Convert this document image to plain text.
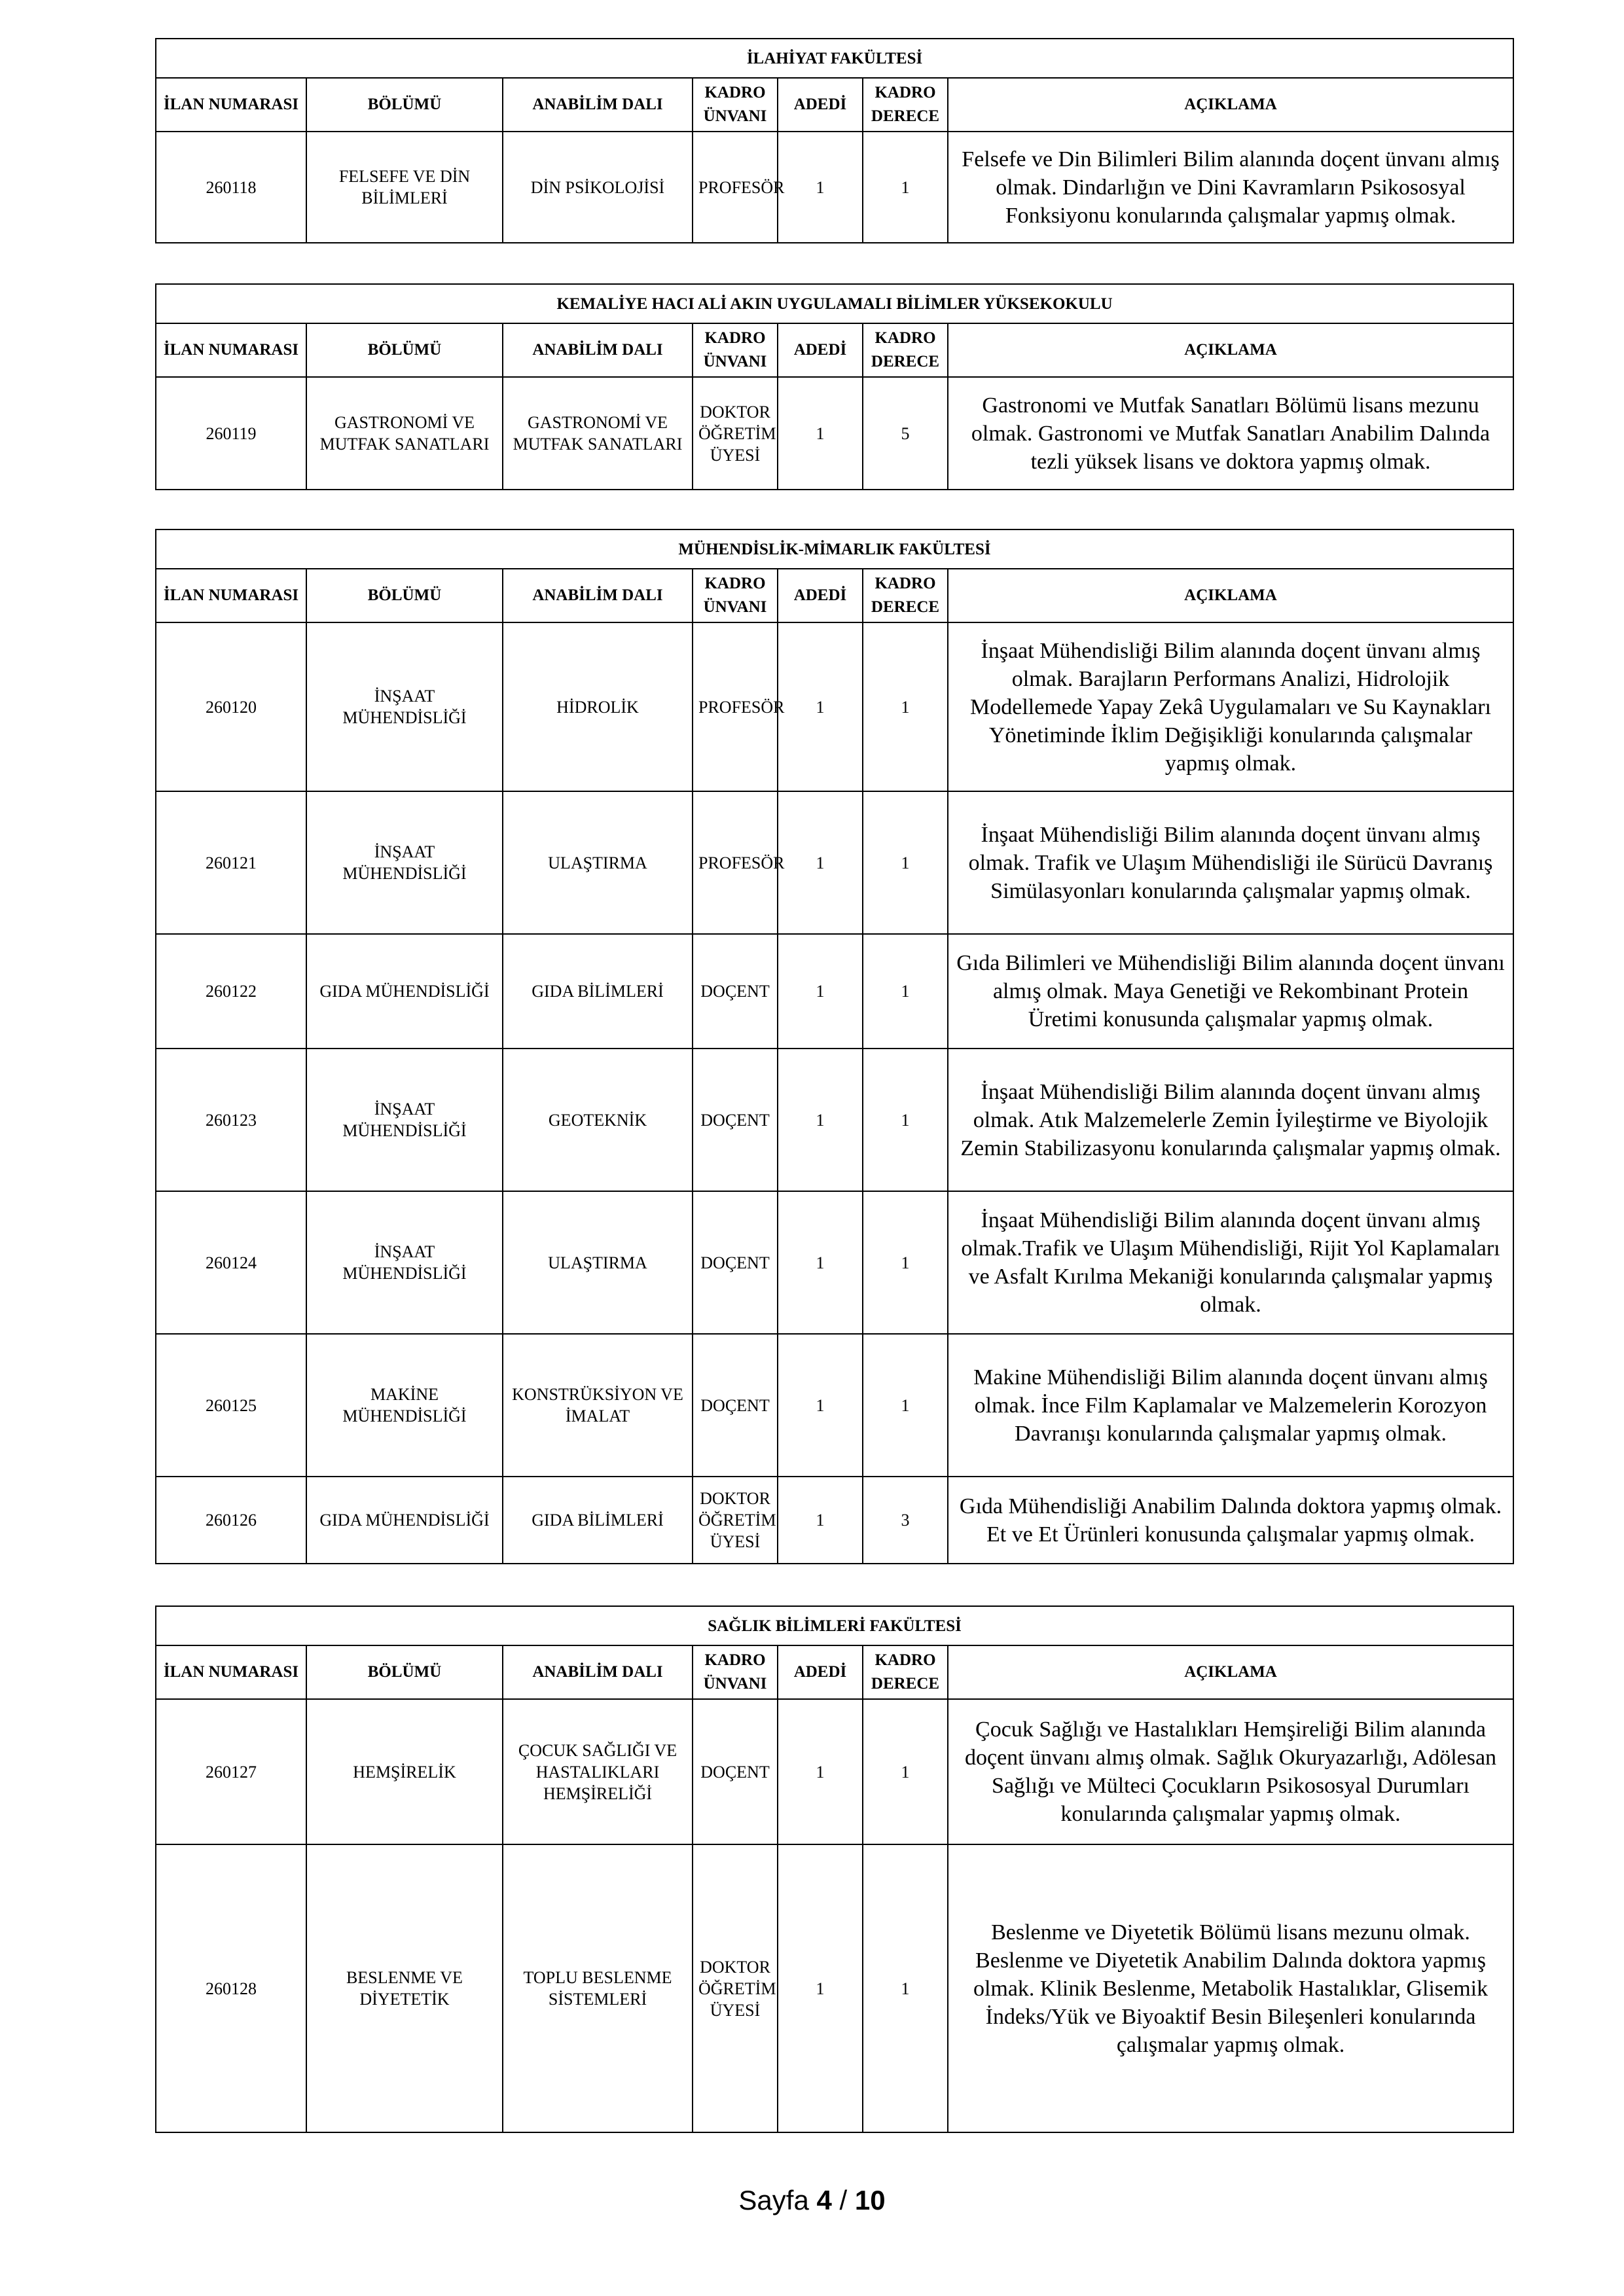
İLAHİYAT FAKÜLTESİ						
İLAN NUMARASI	BÖLÜMÜ	ANABİLİM DALI	KADRO ÜNVANI	ADEDİ	KADRO DERECE	AÇIKLAMA
260118	FELSEFE VE DİN BİLİMLERİ	DİN PSİKOLOJİSİ	PROFESÖR	1	1	Felsefe ve Din Bilimleri Bilim alanında doçent ünvanı almış olmak. Dindarlığın ve Dini Kavramların Psikososyal Fonksiyonu konularında çalışmalar yapmış olmak.
KEMALİYE HACI ALİ AKIN UYGULAMALI BİLİMLER YÜKSEKOKULU						
İLAN NUMARASI	BÖLÜMÜ	ANABİLİM DALI	KADRO ÜNVANI	ADEDİ	KADRO DERECE	AÇIKLAMA
260119	GASTRONOMİ VE MUTFAK SANATLARI	GASTRONOMİ VE MUTFAK SANATLARI	DOKTOR ÖĞRETİM ÜYESİ	1	5	Gastronomi ve Mutfak Sanatları Bölümü lisans mezunu olmak. Gastronomi ve Mutfak Sanatları Anabilim Dalında tezli yüksek lisans ve doktora yapmış olmak.
MÜHENDİSLİK-MİMARLIK FAKÜLTESİ						
İLAN NUMARASI	BÖLÜMÜ	ANABİLİM DALI	KADRO ÜNVANI	ADEDİ	KADRO DERECE	AÇIKLAMA
260120	İNŞAAT MÜHENDİSLİĞİ	HİDROLİK	PROFESÖR	1	1	İnşaat Mühendisliği Bilim alanında doçent ünvanı almış olmak. Barajların Performans Analizi, Hidrolojik Modellemede Yapay Zekâ Uygulamaları ve Su Kaynakları Yönetiminde İklim Değişikliği konularında çalışmalar yapmış olmak.
260121	İNŞAAT MÜHENDİSLİĞİ	ULAŞTIRMA	PROFESÖR	1	1	İnşaat Mühendisliği Bilim alanında doçent ünvanı almış olmak. Trafik ve Ulaşım Mühendisliği ile Sürücü Davranış Simülasyonları konularında çalışmalar yapmış olmak.
260122	GIDA MÜHENDİSLİĞİ	GIDA BİLİMLERİ	DOÇENT	1	1	Gıda Bilimleri ve Mühendisliği Bilim alanında doçent ünvanı almış olmak. Maya Genetiği ve Rekombinant Protein Üretimi konusunda çalışmalar yapmış olmak.
260123	İNŞAAT MÜHENDİSLİĞİ	GEOTEKNİK	DOÇENT	1	1	İnşaat Mühendisliği Bilim alanında doçent ünvanı almış olmak. Atık Malzemelerle Zemin İyileştirme ve Biyolojik Zemin Stabilizasyonu konularında çalışmalar yapmış olmak.
260124	İNŞAAT MÜHENDİSLİĞİ	ULAŞTIRMA	DOÇENT	1	1	İnşaat Mühendisliği Bilim alanında doçent ünvanı almış olmak.Trafik ve Ulaşım Mühendisliği, Rijit Yol Kaplamaları ve Asfalt Kırılma Mekaniği konularında çalışmalar yapmış olmak.
260125	MAKİNE MÜHENDİSLİĞİ	KONSTRÜKSİYON VE İMALAT	DOÇENT	1	1	Makine Mühendisliği Bilim alanında doçent ünvanı almış olmak. İnce Film Kaplamalar ve Malzemelerin Korozyon Davranışı konularında çalışmalar yapmış olmak.
260126	GIDA MÜHENDİSLİĞİ	GIDA BİLİMLERİ	DOKTOR ÖĞRETİM ÜYESİ	1	3	Gıda Mühendisliği Anabilim Dalında doktora yapmış olmak. Et ve Et Ürünleri konusunda çalışmalar yapmış olmak.
SAĞLIK BİLİMLERİ FAKÜLTESİ						
İLAN NUMARASI	BÖLÜMÜ	ANABİLİM DALI	KADRO ÜNVANI	ADEDİ	KADRO DERECE	AÇIKLAMA
260127	HEMŞİRELİK	ÇOCUK SAĞLIĞI VE HASTALIKLARI HEMŞİRELİĞİ	DOÇENT	1	1	Çocuk Sağlığı ve Hastalıkları Hemşireliği Bilim alanında doçent ünvanı almış olmak. Sağlık Okuryazarlığı, Adölesan Sağlığı ve Mülteci Çocukların Psikososyal Durumları konularında çalışmalar yapmış olmak.
260128	BESLENME VE DİYETETİK	TOPLU BESLENME SİSTEMLERİ	DOKTOR ÖĞRETİM ÜYESİ	1	1	Beslenme ve Diyetetik Bölümü lisans mezunu olmak. Beslenme ve Diyetetik Anabilim Dalında doktora yapmış olmak. Klinik Beslenme, Metabolik Hastalıklar, Glisemik İndeks/Yük ve Biyoaktif Besin Bileşenleri konularında çalışmalar yapmış olmak.
Sayfa 4 / 10
